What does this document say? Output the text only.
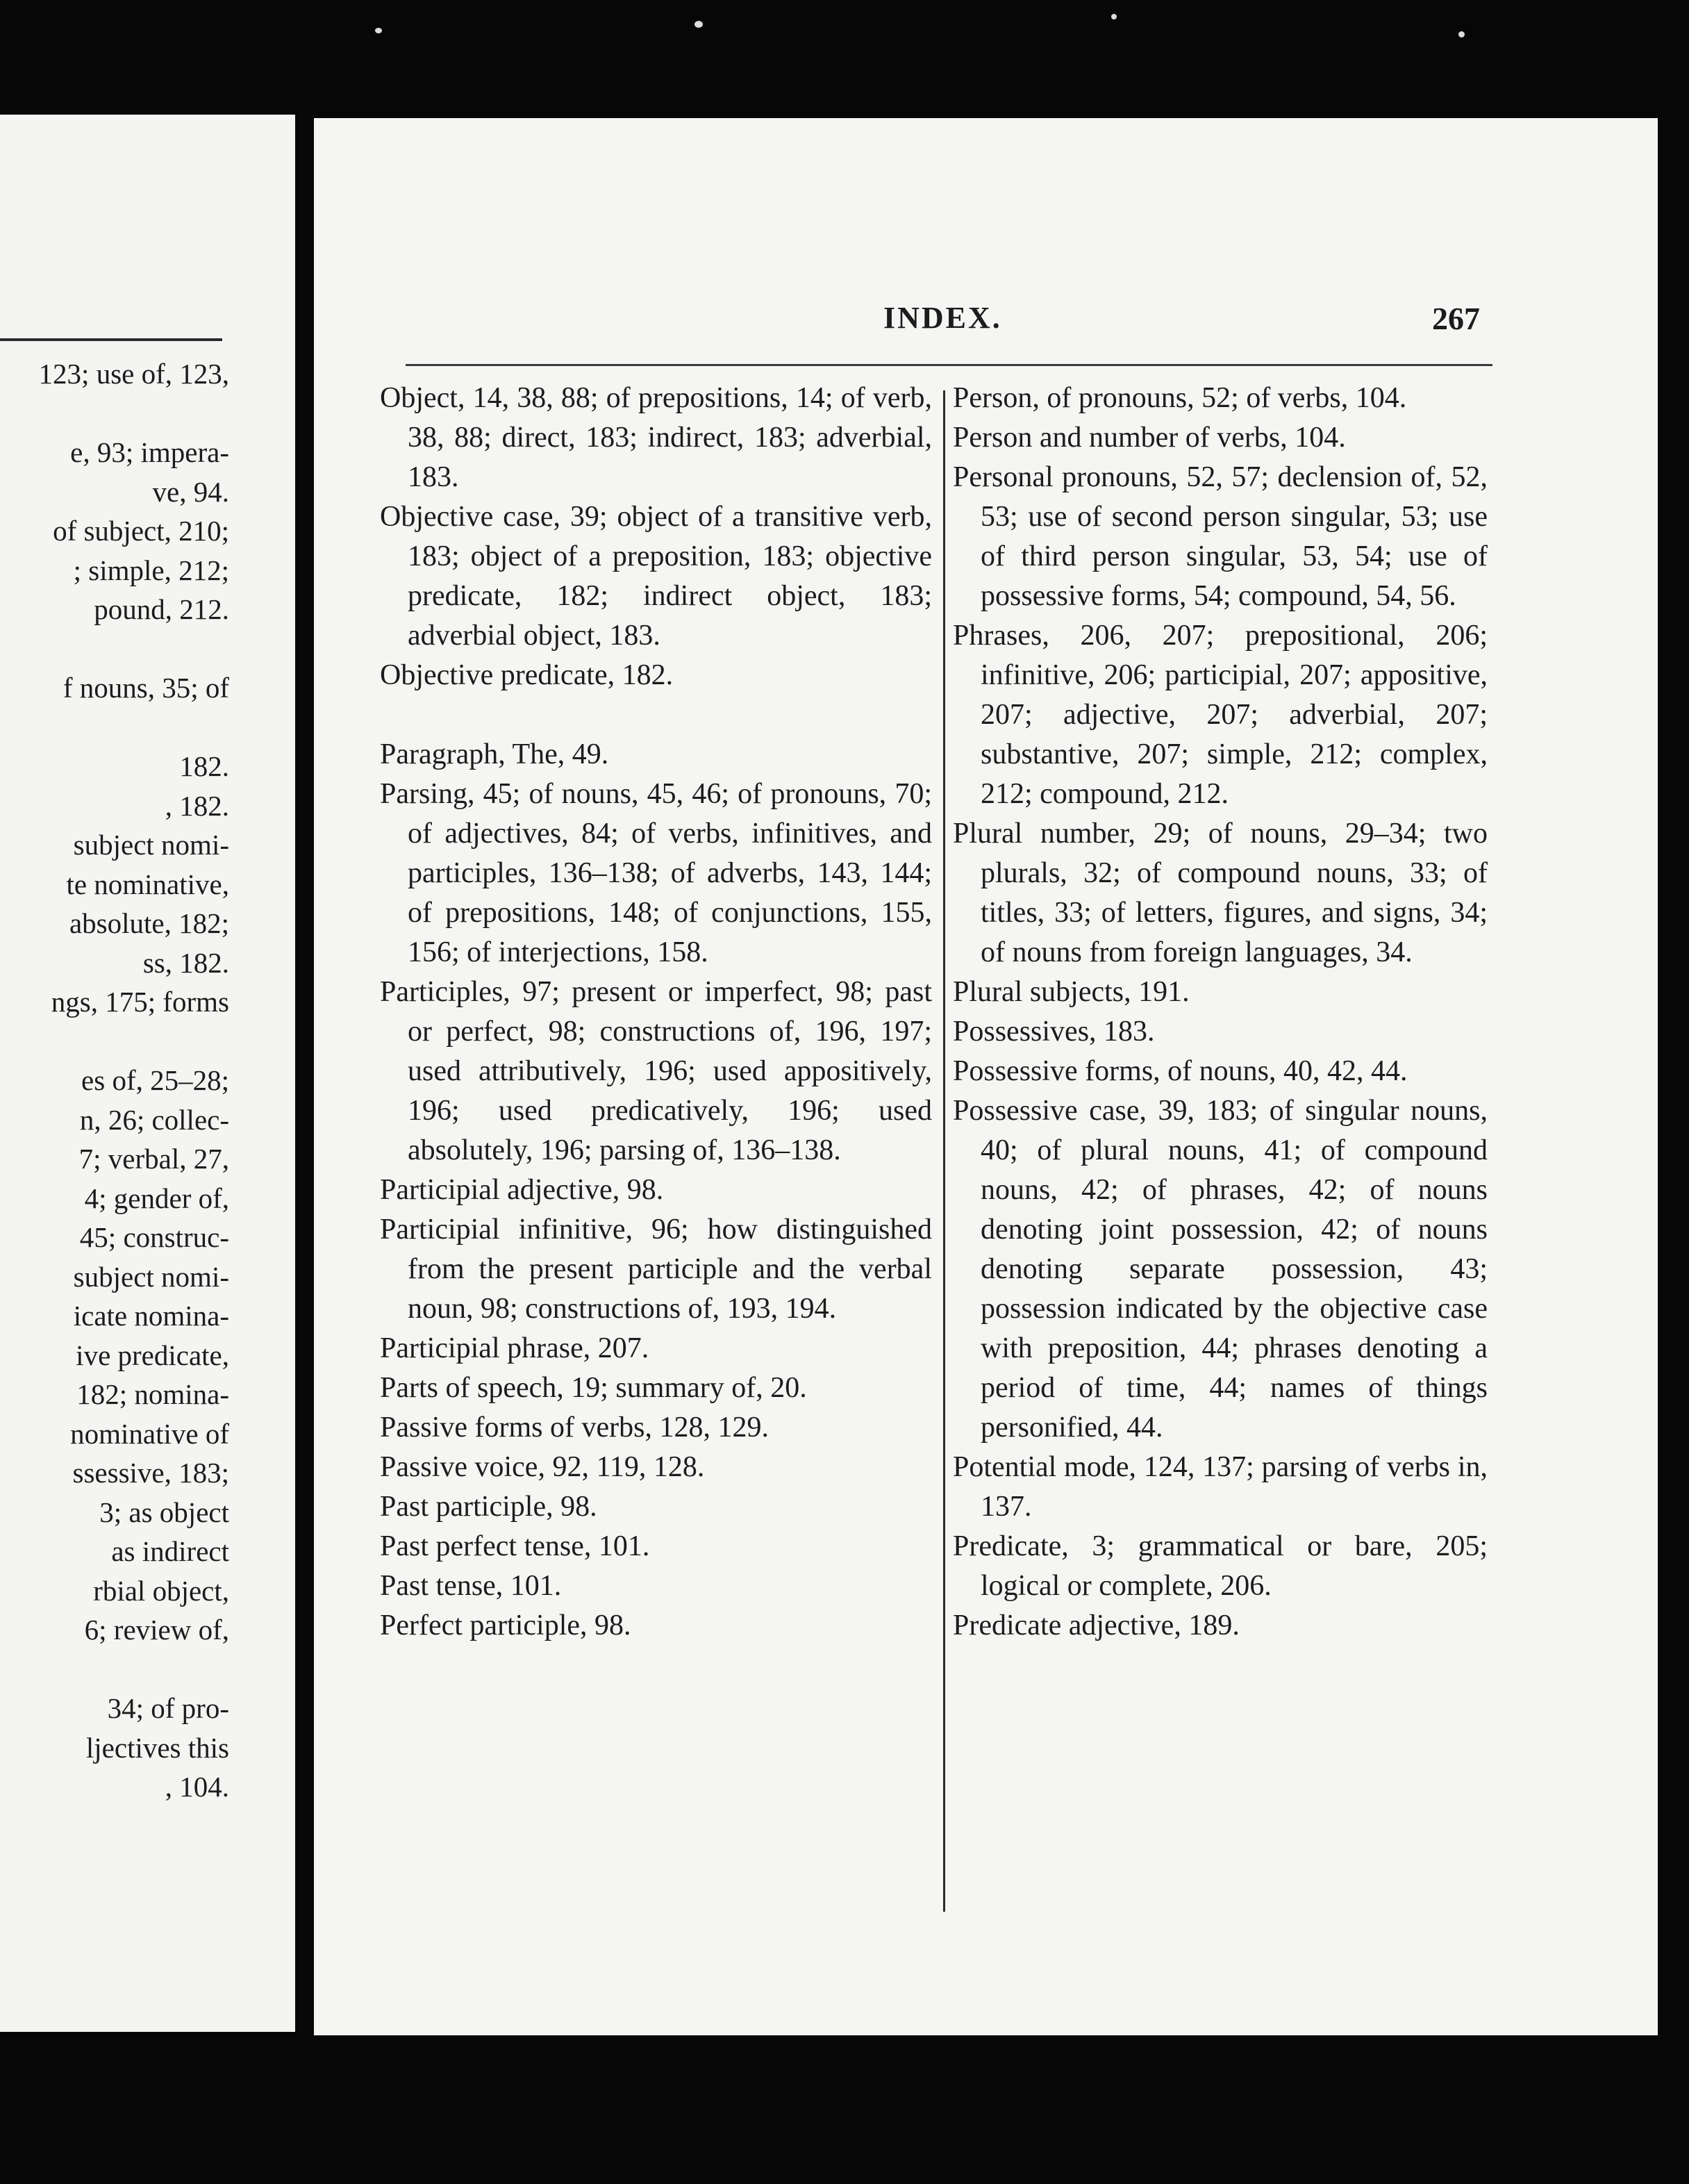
123; use of, 123,
e, 93; impera-
ve, 94.
of subject, 210;
; simple, 212;
pound, 212.
f nouns, 35; of
182.
, 182.
subject nomi-
te nominative,
absolute, 182;
ss, 182.
ngs, 175; forms
es of, 25–28;
n, 26; collec-
7; verbal, 27,
4; gender of,
45; construc-
subject nomi-
icate nomina-
ive predicate,
182; nomina-
nominative of
ssessive, 183;
3; as object
as indirect
rbial object,
6; review of,
34; of pro-
ljectives this
, 104.
INDEX.	267

Object, 14, 38, 88; of prepositions, 14; of verb, 38, 88; direct, 183; indirect, 183; adverbial, 183.

Objective case, 39; object of a transitive verb, 183; object of a preposition, 183; objective predicate, 182; indirect object, 183; adverbial object, 183.

Objective predicate, 182.

Paragraph, The, 49.

Parsing, 45; of nouns, 45, 46; of pronouns, 70; of adjectives, 84; of verbs, infinitives, and participles, 136–138; of adverbs, 143, 144; of prepositions, 148; of conjunctions, 155, 156; of interjections, 158.

Participles, 97; present or imperfect, 98; past or perfect, 98; constructions of, 196, 197; used attributively, 196; used appositively, 196; used predicatively, 196; used absolutely, 196; parsing of, 136–138.

Participial adjective, 98.

Participial infinitive, 96; how distinguished from the present participle and the verbal noun, 98; constructions of, 193, 194.

Participial phrase, 207.

Parts of speech, 19; summary of, 20.

Passive forms of verbs, 128, 129.

Passive voice, 92, 119, 128.

Past participle, 98.

Past perfect tense, 101.

Past tense, 101.

Perfect participle, 98.

Person, of pronouns, 52; of verbs, 104.

Person and number of verbs, 104.

Personal pronouns, 52, 57; declension of, 52, 53; use of second person singular, 53; use of third person singular, 53, 54; use of possessive forms, 54; compound, 54, 56.

Phrases, 206, 207; prepositional, 206; infinitive, 206; participial, 207; appositive, 207; adjective, 207; adverbial, 207; substantive, 207; simple, 212; complex, 212; compound, 212.

Plural number, 29; of nouns, 29–34; two plurals, 32; of compound nouns, 33; of titles, 33; of letters, figures, and signs, 34; of nouns from foreign languages, 34.

Plural subjects, 191.

Possessives, 183.

Possessive forms, of nouns, 40, 42, 44.

Possessive case, 39, 183; of singular nouns, 40; of plural nouns, 41; of compound nouns, 42; of phrases, 42; of nouns denoting joint possession, 42; of nouns denoting separate possession, 43; possession indicated by the objective case with preposition, 44; phrases denoting a period of time, 44; names of things personified, 44.

Potential mode, 124, 137; parsing of verbs in, 137.

Predicate, 3; grammatical or bare, 205; logical or complete, 206.

Predicate adjective, 189.
